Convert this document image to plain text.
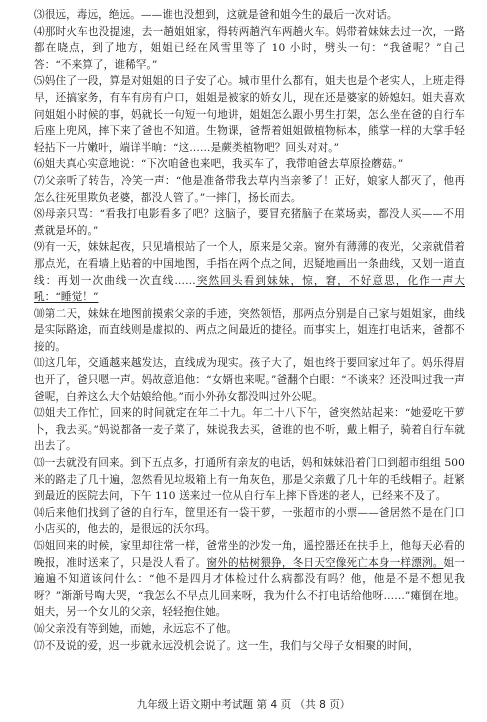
⑶很远，毒远，绝远。——谁也没想到，这就是爸和姐今生的最后一次对话。

⑷那时火车也没提速，去一趟姐姐家，得转两趟汽车两趟火车。妈带着妹妹去过一次，一路都在晓点，到了地方，姐姐已经在风雪里等了 10 小时，劈头一句：“我爸呢？”自己答：“不来算了，谁稀罕。”

⑸妈住了一段，算是对姐姐的日子安了心。城市里什么都有，姐夫也是个老实人，上班走得早，还搞家务，有车有房有户口，姐姐是被家的娇女儿，现在还是婆家的娇媳妇。姐夫喜欢问姐姐小时候的事，妈就长一句短一句地讲，姐姐怎么跟小男生打架，怎么坐在爸的自行车后座上兜风，摔下来了爸也不知道。生物课，爸帮着姐姐做植物标本，熊掌一样的大掌手轻轻拈下一片嫩叶，端详半晌：“这……是蕨类植物吧？回头对对。”

⑹姐夫真心实意地说：“下次咱爸也来吧，我买车了，我带咱爸去草原捡蘑菇。”

⑺父亲听了转告，冷笑一声：“他是准备带我去草内当亲爹了！正好，娘家人都灭了，他再怎么往死里欺负老婆，都没人管了。”一摔门，扬长而去。

⑻母亲只骂：“看我打电影看多了吧？这脑子，要冒充猪脑子在菜场卖，都没人买——不用煮就是坏的。”

⑼有一天，妹妹起夜，只见墙根站了一个人，原来是父亲。窗外有薄薄的夜光，父亲就借着那点光，在看墙上贴着的中国地图，手指在两个点之间，迟疑地画出一条曲线，又划一道直线：再划一次曲线一次直线……突然回头看到妹妹，惊，窘，不好意思，化作一声大吼：“睡觉！”

⑽第二天，妹妹在地图前摸索父亲的手迹，突然领悟，那两点分别是自己家与姐姐家，曲线是实际路途，而直线则是虚拟的、两点之间最近的捷径。而事实上，姐连打电话来，爸都不接的。

⑾这几年，交通越来越发达，直线成为现实。孩子大了，姐也终于要回家过年了。妈乐得眉也开了，爸只嗯一声。妈故意追他：“女婿也来呢。”爸翻个白眼：“不谈来？还没叫过我一声爸呢，白养这么大个姑娘给他。”而小外孙女都没叫过外公呢。

⑿姐夫工作忙，回来的时间就定在年二十九。年二十八下午，爸突然站起来：“她爱吃干萝卜，我去买。”妈说都备一麦子菜了，妹说我去买，爸谁的也不听，戴上帽子，骑着自行车就出去了。

⒀一去就没有回来。到下五点多，打通所有亲友的电话，妈和妹妹沿着门口到超市组组 500 米的路走了几十遍，忽然看见垃圾箱上有一角灰色，那是父亲戴了几十年的毛线帽子。赶紧到最近的医院去问，下午 110 送来过一位从自行车上摔下昏迷的老人，已经来不及了。

⒁后来他们找到了爸的自行车，筐里还有一袋干萝，一张超市的小票——爸居然不是在门口小店买的，他去的，是很远的沃尔玛。

⒂姐回来的时候，家里却往常一样，爸常坐的沙发一角，遥控器还在扶手上，他每天必看的晚报，准时送来了，只是没人看了。窗外的枯树猥狰，冬日天空像死亡本身一样漂洌。姐一遍遍不知道该问什么：“他不是四月才体检过什么病都没有吗？他，他是不是不想见我呀？”渐渐号啕大哭，“我怎么不早点儿回来呀，我为什么不打电话给他呀……”瘫倒在地。姐夫，另一个女儿的父亲，轻轻抱住她。

⒃父亲没有等到她，而她，永远忘不了他。

⒄不及说的爱，迟一步就永远没机会说了。这一生，我们与父母子女相聚的时间，

九年级上语文期中考试题 第 4 页 （共 8 页）
